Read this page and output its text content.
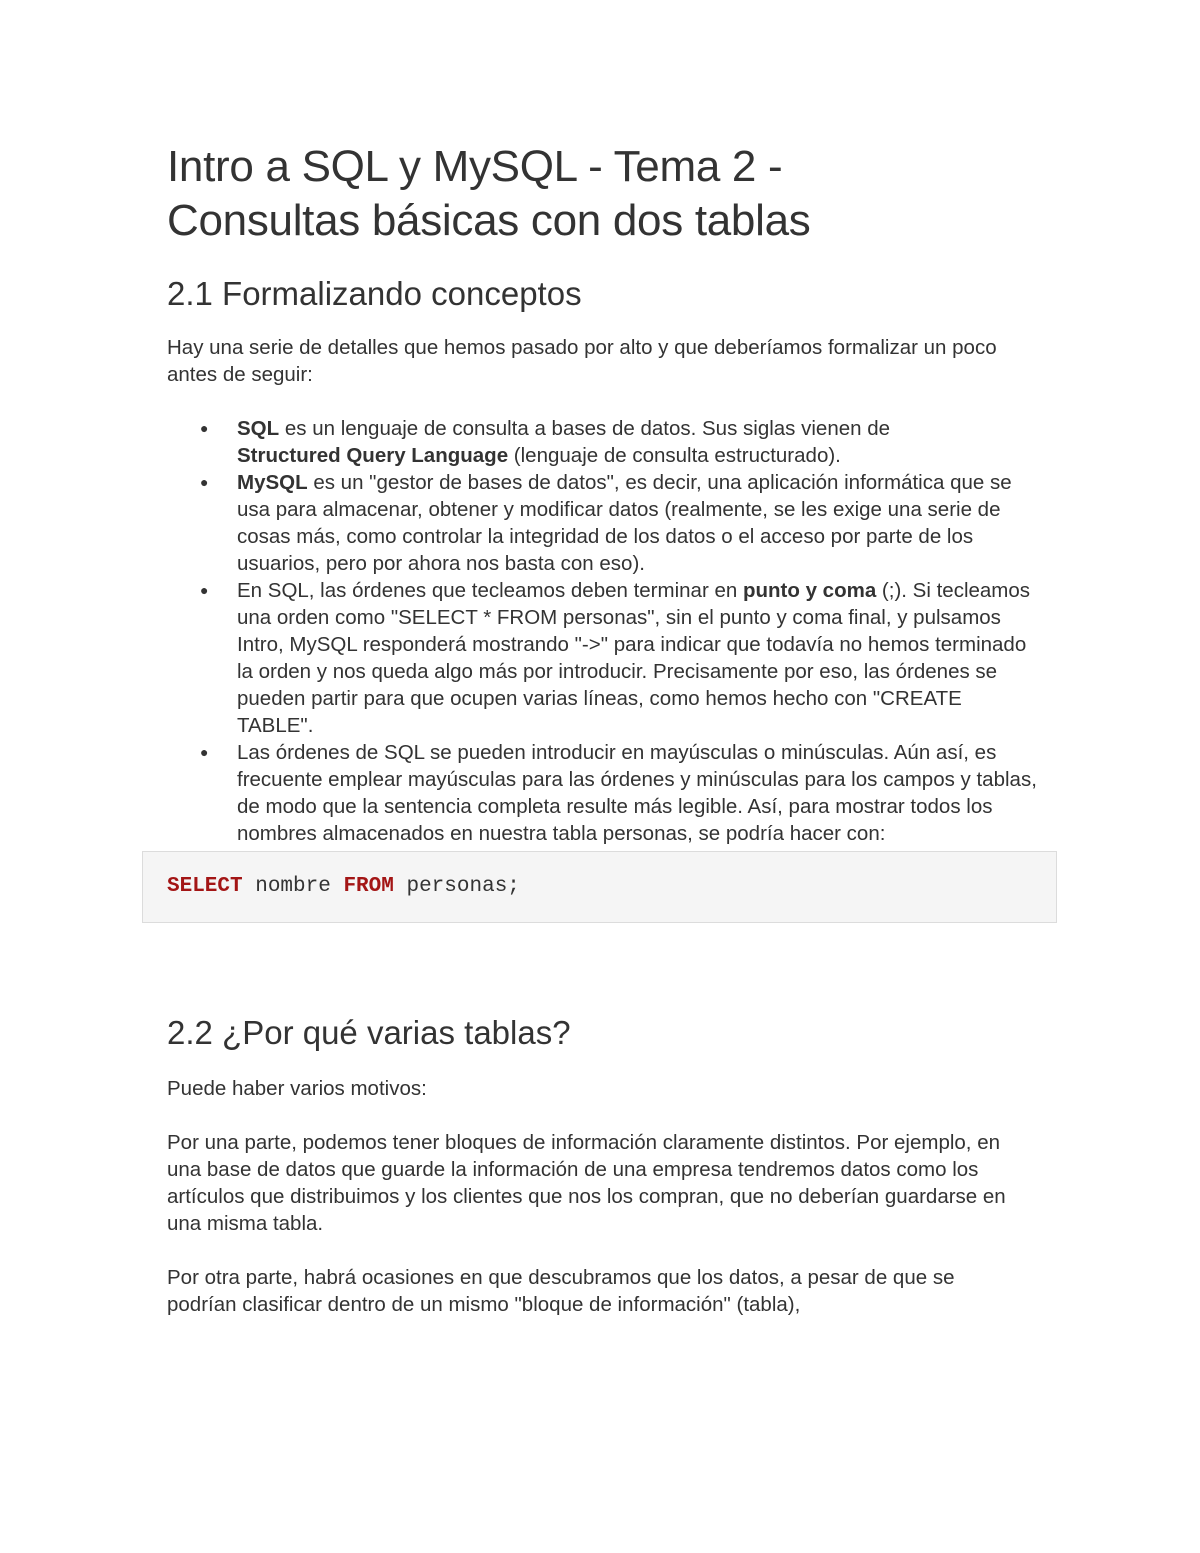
Intro a SQL y MySQL - Tema 2 -
Consultas básicas con dos tablas
2.1 Formalizando conceptos

Hay una serie de detalles que hemos pasado por alto y que deberíamos formalizar un poco antes de seguir:

● SQL es un lenguaje de consulta a bases de datos. Sus siglas vienen de Structured Query Language (lenguaje de consulta estructurado).
● MySQL es un "gestor de bases de datos", es decir, una aplicación informática que se usa para almacenar, obtener y modificar datos (realmente, se les exige una serie de cosas más, como controlar la integridad de los datos o el acceso por parte de los usuarios, pero por ahora nos basta con eso).
● En SQL, las órdenes que tecleamos deben terminar en punto y coma (;). Si tecleamos una orden como "SELECT * FROM personas", sin el punto y coma final, y pulsamos Intro, MySQL responderá mostrando "->" para indicar que todavía no hemos terminado la orden y nos queda algo más por introducir. Precisamente por eso, las órdenes se pueden partir para que ocupen varias líneas, como hemos hecho con "CREATE TABLE".
● Las órdenes de SQL se pueden introducir en mayúsculas o minúsculas. Aún así, es frecuente emplear mayúsculas para las órdenes y minúsculas para los campos y tablas, de modo que la sentencia completa resulte más legible. Así, para mostrar todos los nombres almacenados en nuestra tabla personas, se podría hacer con:
SELECT nombre FROM personas;
2.2 ¿Por qué varias tablas?

Puede haber varios motivos:

Por una parte, podemos tener bloques de información claramente distintos. Por ejemplo, en una base de datos que guarde la información de una empresa tendremos datos como los artículos que distribuimos y los clientes que nos los compran, que no deberían guardarse en una misma tabla.

Por otra parte, habrá ocasiones en que descubramos que los datos, a pesar de que se podrían clasificar dentro de un mismo "bloque de información" (tabla),
